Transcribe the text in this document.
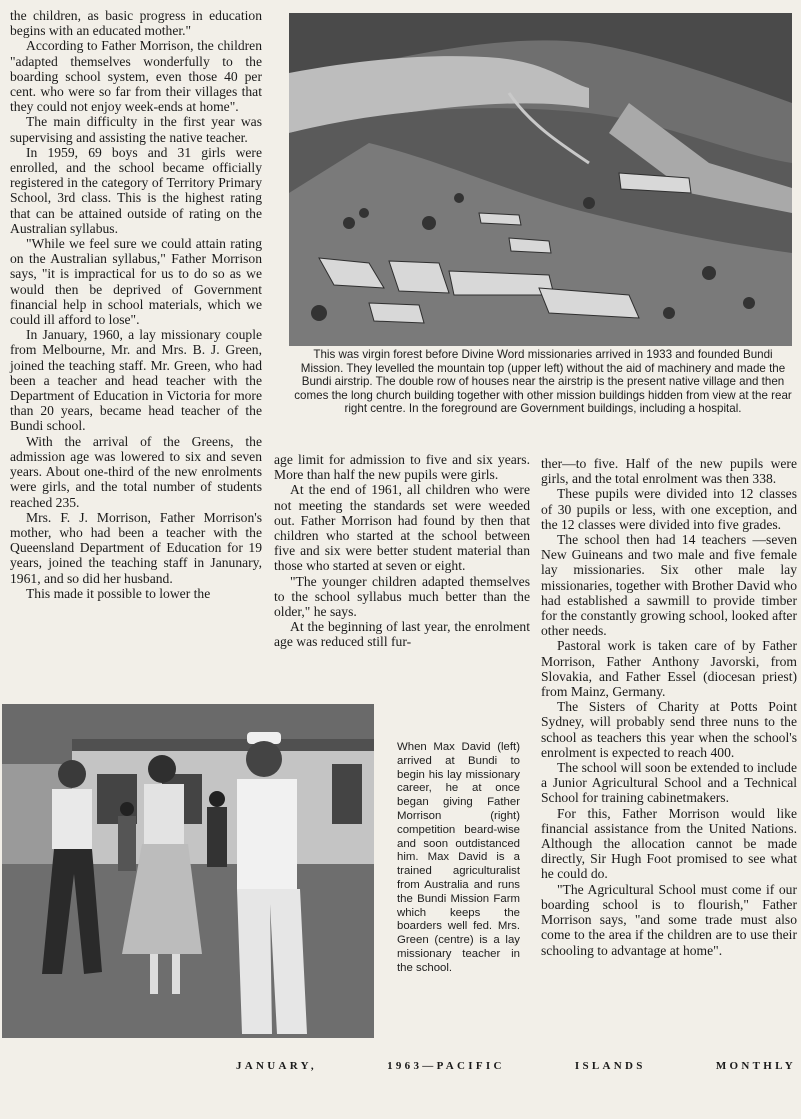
the children, as basic progress in education begins with an educated mother."

According to Father Morrison, the children "adapted themselves wonderfully to the boarding school system, even those 40 per cent. who were so far from their villages that they could not enjoy week-ends at home".

The main difficulty in the first year was supervising and assisting the native teacher.

In 1959, 69 boys and 31 girls were enrolled, and the school became officially registered in the category of Territory Primary School, 3rd class. This is the highest rating that can be attained outside of rating on the Australian syllabus.

"While we feel sure we could attain rating on the Australian syllabus," Father Morrison says, "it is impractical for us to do so as we would then be deprived of Government financial help in school materials, which we could ill afford to lose".

In January, 1960, a lay missionary couple from Melbourne, Mr. and Mrs. B. J. Green, joined the teaching staff. Mr. Green, who had been a teacher and head teacher with the Department of Education in Victoria for more than 20 years, became head teacher of the Bundi school.

With the arrival of the Greens, the admission age was lowered to six and seven years. About one-third of the new enrolments were girls, and the total number of students reached 235.

Mrs. F. J. Morrison, Father Morrison's mother, who had been a teacher with the Queensland Department of Education for 19 years, joined the teaching staff in Janunary, 1961, and so did her husband.

This made it possible to lower the

This was virgin forest before Divine Word missionaries arrived in 1933 and founded Bundi Mission. They levelled the mountain top (upper left) without the aid of machinery and made the Bundi airstrip. The double row of houses near the airstrip is the present native village and then comes the long church building together with other mission buildings hidden from view at the rear right centre. In the foreground are Government buildings, including a hospital.

age limit for admission to five and six years. More than half the new pupils were girls.

At the end of 1961, all children who were not meeting the standards set were weeded out. Father Morrison had found by then that children who started at the school between five and six were better student material than those who started at seven or eight.

"The younger children adapted themselves to the school syllabus much better than the older," he says.

At the beginning of last year, the enrolment age was reduced still fur-

ther—to five. Half of the new pupils were girls, and the total enrolment was then 338.

These pupils were divided into 12 classes of 30 pupils or less, with one exception, and the 12 classes were divided into five grades.

The school then had 14 teachers —seven New Guineans and two male and five female lay missionaries. Six other male lay missionaries, together with Brother David who had established a sawmill to provide timber for the constantly growing school, looked after other needs.

Pastoral work is taken care of by Father Morrison, Father Anthony Javorski, from Slovakia, and Father Essel (diocesan priest) from Mainz, Germany.

The Sisters of Charity at Potts Point Sydney, will probably send three nuns to the school as teachers this year when the school's enrolment is expected to reach 400.

The school will soon be extended to include a Junior Agricultural School and a Technical School for training cabinetmakers.

For this, Father Morrison would like financial assistance from the United Nations. Although the allocation cannot be made directly, Sir Hugh Foot promised to see what he could do.

"The Agricultural School must come if our boarding school is to flourish," Father Morrison says, "and some trade must also come to the area if the children are to use their schooling to advantage at home".

When Max David (left) arrived at Bundi to begin his lay missionary career, he at once began giving Father Morrison (right) competition beard-wise and soon outdistanced him. Max David is a trained agriculturalist from Australia and runs the Bundi Mission Farm which keeps the boarders well fed. Mrs. Green (centre) is a lay missionary teacher in the school.
JANUARY,	1963—PACIFIC	ISLANDS	MONTHLY
